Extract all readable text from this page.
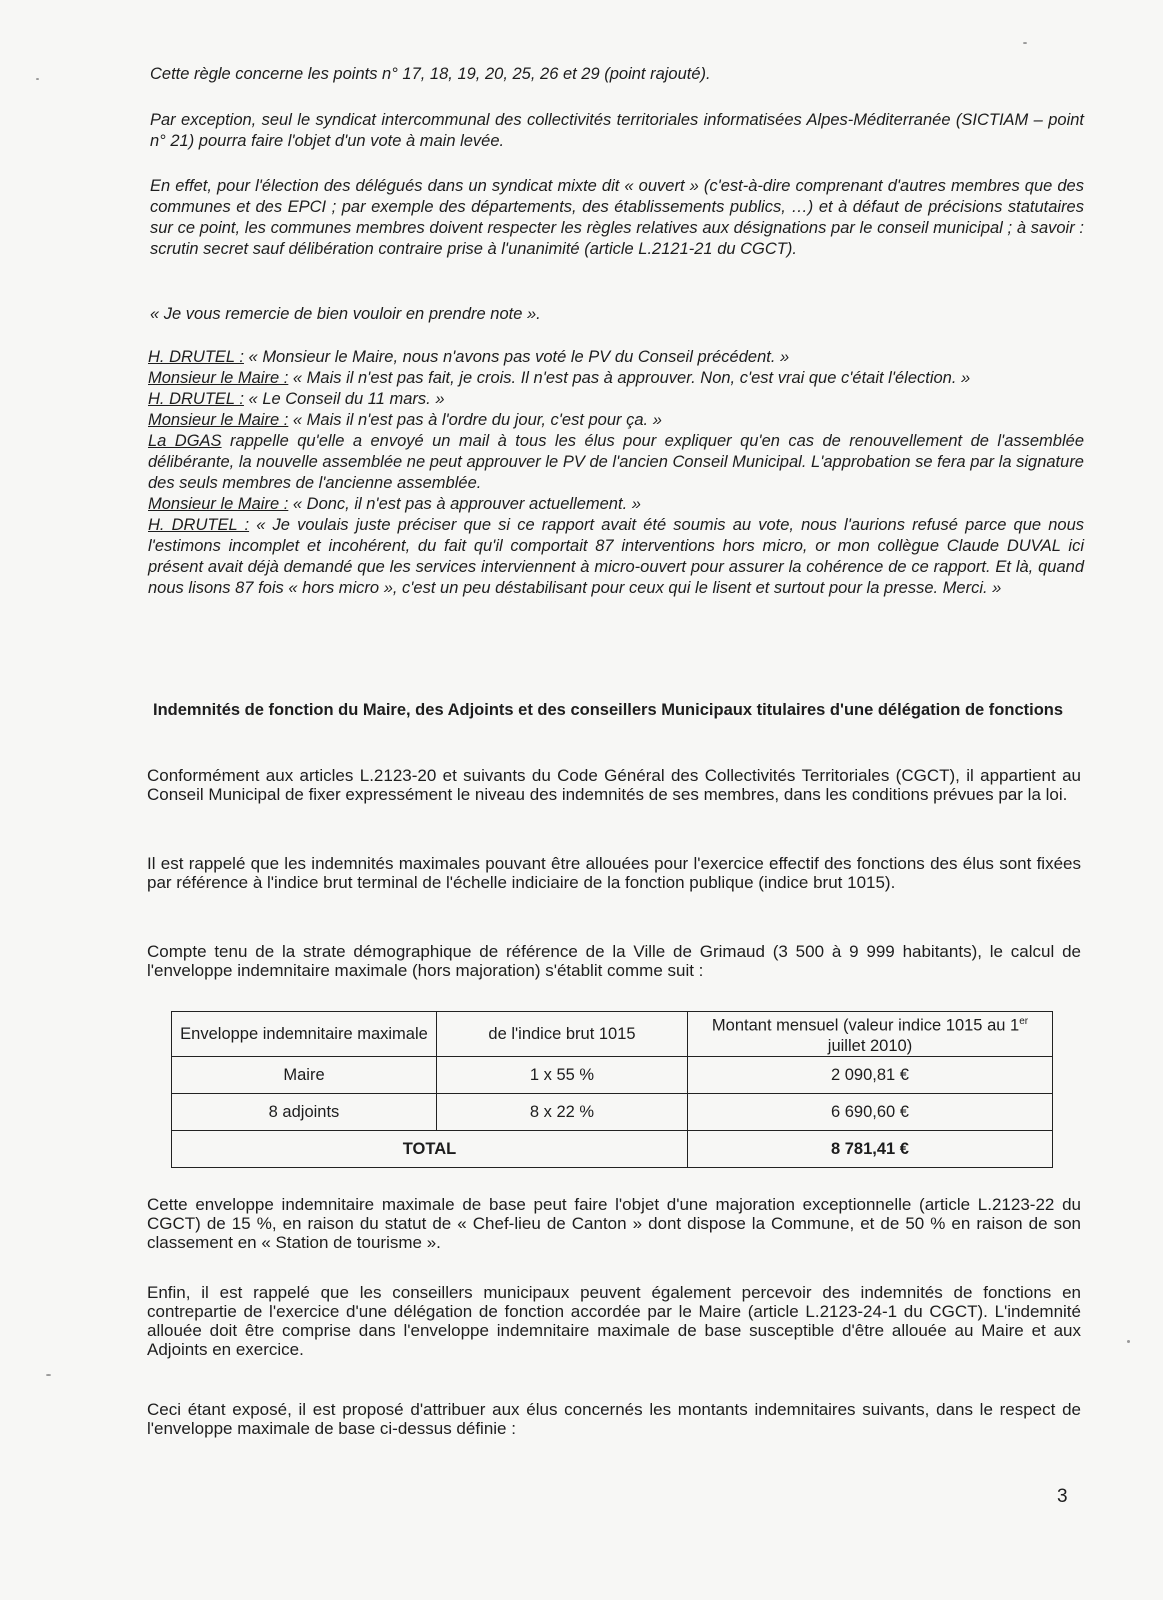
Cette règle concerne les points n° 17, 18, 19, 20, 25, 26 et 29 (point rajouté).

Par exception, seul le syndicat intercommunal des collectivités territoriales informatisées Alpes-Méditerranée (SICTIAM – point n° 21) pourra faire l'objet d'un vote à main levée.

En effet, pour l'élection des délégués dans un syndicat mixte dit « ouvert » (c'est-à-dire comprenant d'autres membres que des communes et des EPCI ; par exemple des départements, des établissements publics, …) et à défaut de précisions statutaires sur ce point, les communes membres doivent respecter les règles relatives aux désignations par le conseil municipal ; à savoir : scrutin secret sauf délibération contraire prise à l'unanimité (article L.2121-21 du CGCT).

« Je vous remercie de bien vouloir en prendre note ».

H. DRUTEL : « Monsieur le Maire, nous n'avons pas voté le PV du Conseil précédent. »

Monsieur le Maire : « Mais il n'est pas fait, je crois. Il n'est pas à approuver. Non, c'est vrai que c'était l'élection. »

H. DRUTEL : « Le Conseil du 11 mars. »

Monsieur le Maire : « Mais il n'est pas à l'ordre du jour, c'est pour ça. »

La DGAS rappelle qu'elle a envoyé un mail à tous les élus pour expliquer qu'en cas de renouvellement de l'assemblée délibérante, la nouvelle assemblée ne peut approuver le PV de l'ancien Conseil Municipal. L'approbation se fera par la signature des seuls membres de l'ancienne assemblée.

Monsieur le Maire : « Donc, il n'est pas à approuver actuellement. »

H. DRUTEL : « Je voulais juste préciser que si ce rapport avait été soumis au vote, nous l'aurions refusé parce que nous l'estimons incomplet et incohérent, du fait qu'il comportait 87 interventions hors micro, or mon collègue Claude DUVAL ici présent avait déjà demandé que les services interviennent à micro-ouvert pour assurer la cohérence de ce rapport. Et là, quand nous lisons 87 fois « hors micro », c'est un peu déstabilisant pour ceux qui le lisent et surtout pour la presse. Merci. »

Indemnités de fonction du Maire, des Adjoints et des conseillers Municipaux titulaires d'une délégation de fonctions

Conformément aux articles L.2123-20 et suivants du Code Général des Collectivités Territoriales (CGCT), il appartient au Conseil Municipal de fixer expressément le niveau des indemnités de ses membres, dans les conditions prévues par la loi.

Il est rappelé que les indemnités maximales pouvant être allouées pour l'exercice effectif des fonctions des élus sont fixées par référence à l'indice brut terminal de l'échelle indiciaire de la fonction publique (indice brut 1015).

Compte tenu de la strate démographique de référence de la Ville de Grimaud (3 500 à 9 999 habitants), le calcul de l'enveloppe indemnitaire maximale (hors majoration) s'établit comme suit :

Enveloppe indemnitaire maximale	de l'indice brut 1015	Montant mensuel (valeur indice 1015 au 1er juillet 2010)
Maire	1 x 55 %	2 090,81 €
8 adjoints	8 x 22 %	6 690,60 €
TOTAL		8 781,41 €

Cette enveloppe indemnitaire maximale de base peut faire l'objet d'une majoration exceptionnelle (article L.2123-22 du CGCT) de 15 %, en raison du statut de « Chef-lieu de Canton » dont dispose la Commune, et de 50 % en raison de son classement en « Station de tourisme ».

Enfin, il est rappelé que les conseillers municipaux peuvent également percevoir des indemnités de fonctions en contrepartie de l'exercice d'une délégation de fonction accordée par le Maire (article L.2123-24-1 du CGCT). L'indemnité allouée doit être comprise dans l'enveloppe indemnitaire maximale de base susceptible d'être allouée au Maire et aux Adjoints en exercice.

Ceci étant exposé, il est proposé d'attribuer aux élus concernés les montants indemnitaires suivants, dans le respect de l'enveloppe maximale de base ci-dessus définie :

3
